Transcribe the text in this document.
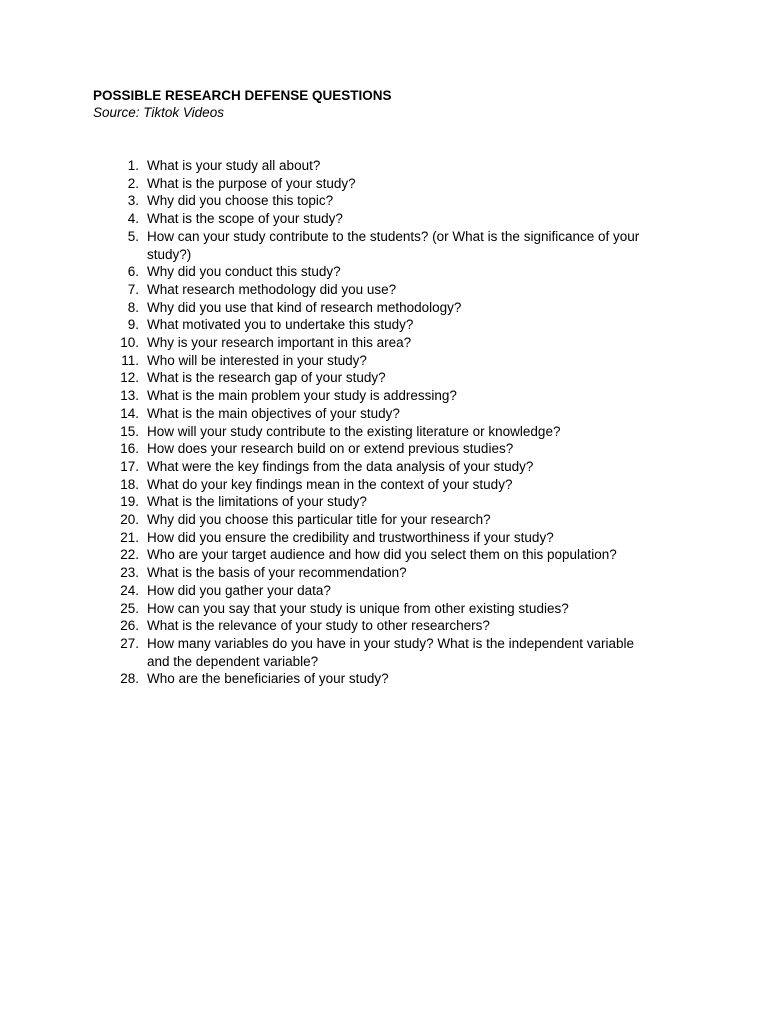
POSSIBLE RESEARCH DEFENSE QUESTIONS

Source: Tiktok Videos

1. What is your study all about?
2. What is the purpose of your study?
3. Why did you choose this topic?
4. What is the scope of your study?
5. How can your study contribute to the students? (or What is the significance of your
study?)
6. Why did you conduct this study?
7. What research methodology did you use?
8. Why did you use that kind of research methodology?
9. What motivated you to undertake this study?
10. Why is your research important in this area?
11. Who will be interested in your study?
12. What is the research gap of your study?
13. What is the main problem your study is addressing?
14. What is the main objectives of your study?
15. How will your study contribute to the existing literature or knowledge?
16. How does your research build on or extend previous studies?
17. What were the key findings from the data analysis of your study?
18. What do your key findings mean in the context of your study?
19. What is the limitations of your study?
20. Why did you choose this particular title for your research?
21. How did you ensure the credibility and trustworthiness if your study?
22. Who are your target audience and how did you select them on this population?
23. What is the basis of your recommendation?
24. How did you gather your data?
25. How can you say that your study is unique from other existing studies?
26. What is the relevance of your study to other researchers?
27. How many variables do you have in your study? What is the independent variable
and the dependent variable?
28. Who are the beneficiaries of your study?
